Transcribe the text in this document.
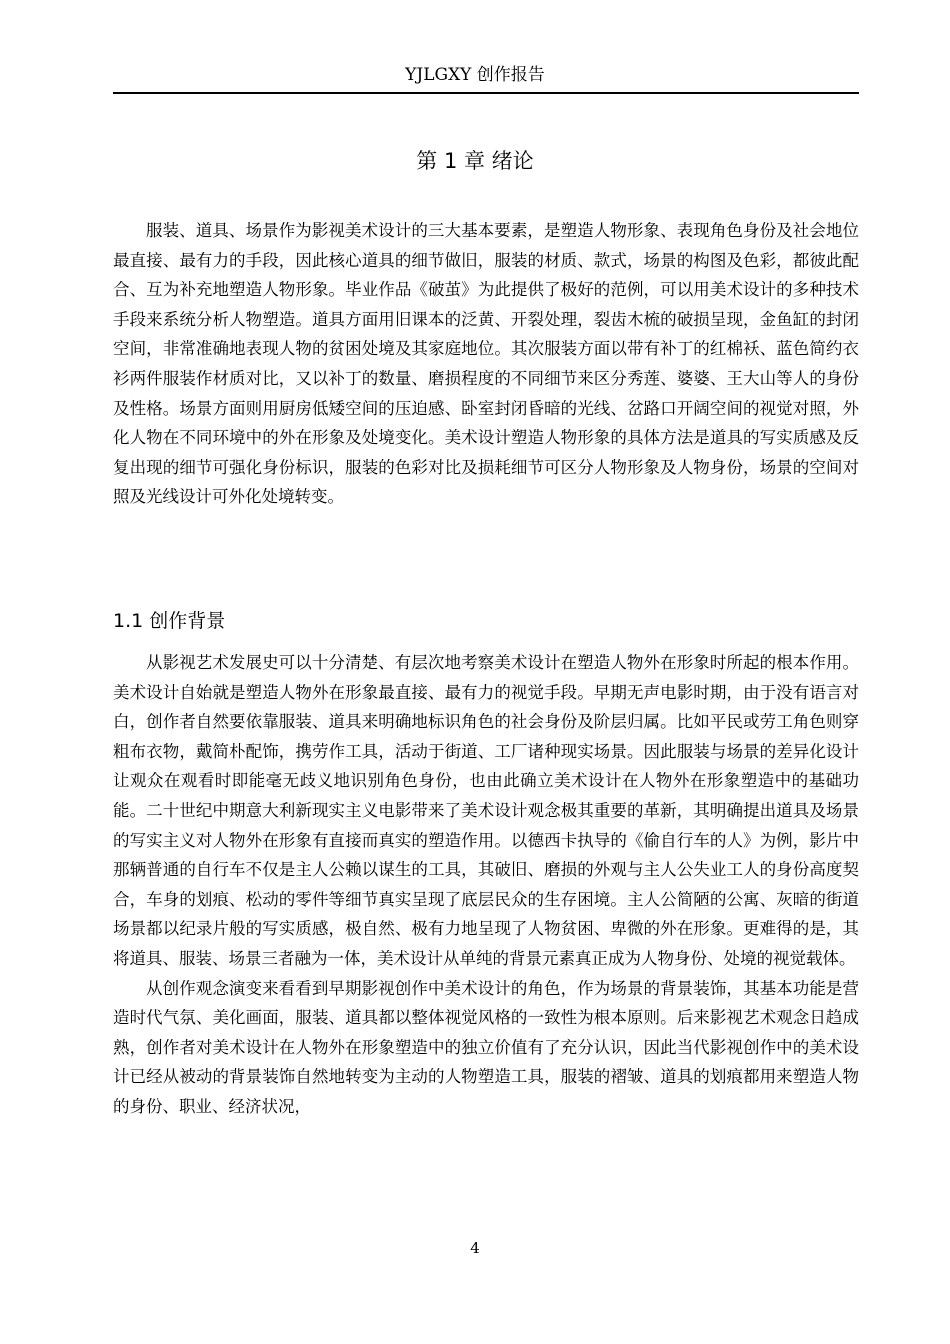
YJLGXY 创作报告
第 1 章 绪论

服装、道具、场景作为影视美术设计的三大基本要素，是塑造人物形象、表现角色身份及社会地位最直接、最有力的手段，因此核心道具的细节做旧，服装的材质、款式，场景的构图及色彩，都彼此配合、互为补充地塑造人物形象。毕业作品《破茧》为此提供了极好的范例，可以用美术设计的多种技术手段来系统分析人物塑造。道具方面用旧课本的泛黄、开裂处理，裂齿木梳的破损呈现，金鱼缸的封闭空间，非常准确地表现人物的贫困处境及其家庭地位。其次服装方面以带有补丁的红棉袄、蓝色简约衣衫两件服装作材质对比，又以补丁的数量、磨损程度的不同细节来区分秀莲、婆婆、王大山等人的身份及性格。场景方面则用厨房低矮空间的压迫感、卧室封闭昏暗的光线、岔路口开阔空间的视觉对照，外化人物在不同环境中的外在形象及处境变化。美术设计塑造人物形象的具体方法是道具的写实质感及反复出现的细节可强化身份标识，服装的色彩对比及损耗细节可区分人物形象及人物身份，场景的空间对照及光线设计可外化处境转变。

1.1 创作背景

从影视艺术发展史可以十分清楚、有层次地考察美术设计在塑造人物外在形象时所起的根本作用。美术设计自始就是塑造人物外在形象最直接、最有力的视觉手段。早期无声电影时期，由于没有语言对白，创作者自然要依靠服装、道具来明确地标识角色的社会身份及阶层归属。比如平民或劳工角色则穿粗布衣物，戴简朴配饰，携劳作工具，活动于街道、工厂诸种现实场景。因此服装与场景的差异化设计让观众在观看时即能毫无歧义地识别角色身份，也由此确立美术设计在人物外在形象塑造中的基础功能。二十世纪中期意大利新现实主义电影带来了美术设计观念极其重要的革新，其明确提出道具及场景的写实主义对人物外在形象有直接而真实的塑造作用。以德西卡执导的《偷自行车的人》为例，影片中那辆普通的自行车不仅是主人公赖以谋生的工具，其破旧、磨损的外观与主人公失业工人的身份高度契合，车身的划痕、松动的零件等细节真实呈现了底层民众的生存困境。主人公简陋的公寓、灰暗的街道场景都以纪录片般的写实质感，极自然、极有力地呈现了人物贫困、卑微的外在形象。更难得的是，其将道具、服装、场景三者融为一体，美术设计从单纯的背景元素真正成为人物身份、处境的视觉载体。

从创作观念演变来看看到早期影视创作中美术设计的角色，作为场景的背景装饰，其基本功能是营造时代气氛、美化画面，服装、道具都以整体视觉风格的一致性为根本原则。后来影视艺术观念日趋成熟，创作者对美术设计在人物外在形象塑造中的独立价值有了充分认识，因此当代影视创作中的美术设计已经从被动的背景装饰自然地转变为主动的人物塑造工具，服装的褶皱、道具的划痕都用来塑造人物的身份、职业、经济状况，

4
